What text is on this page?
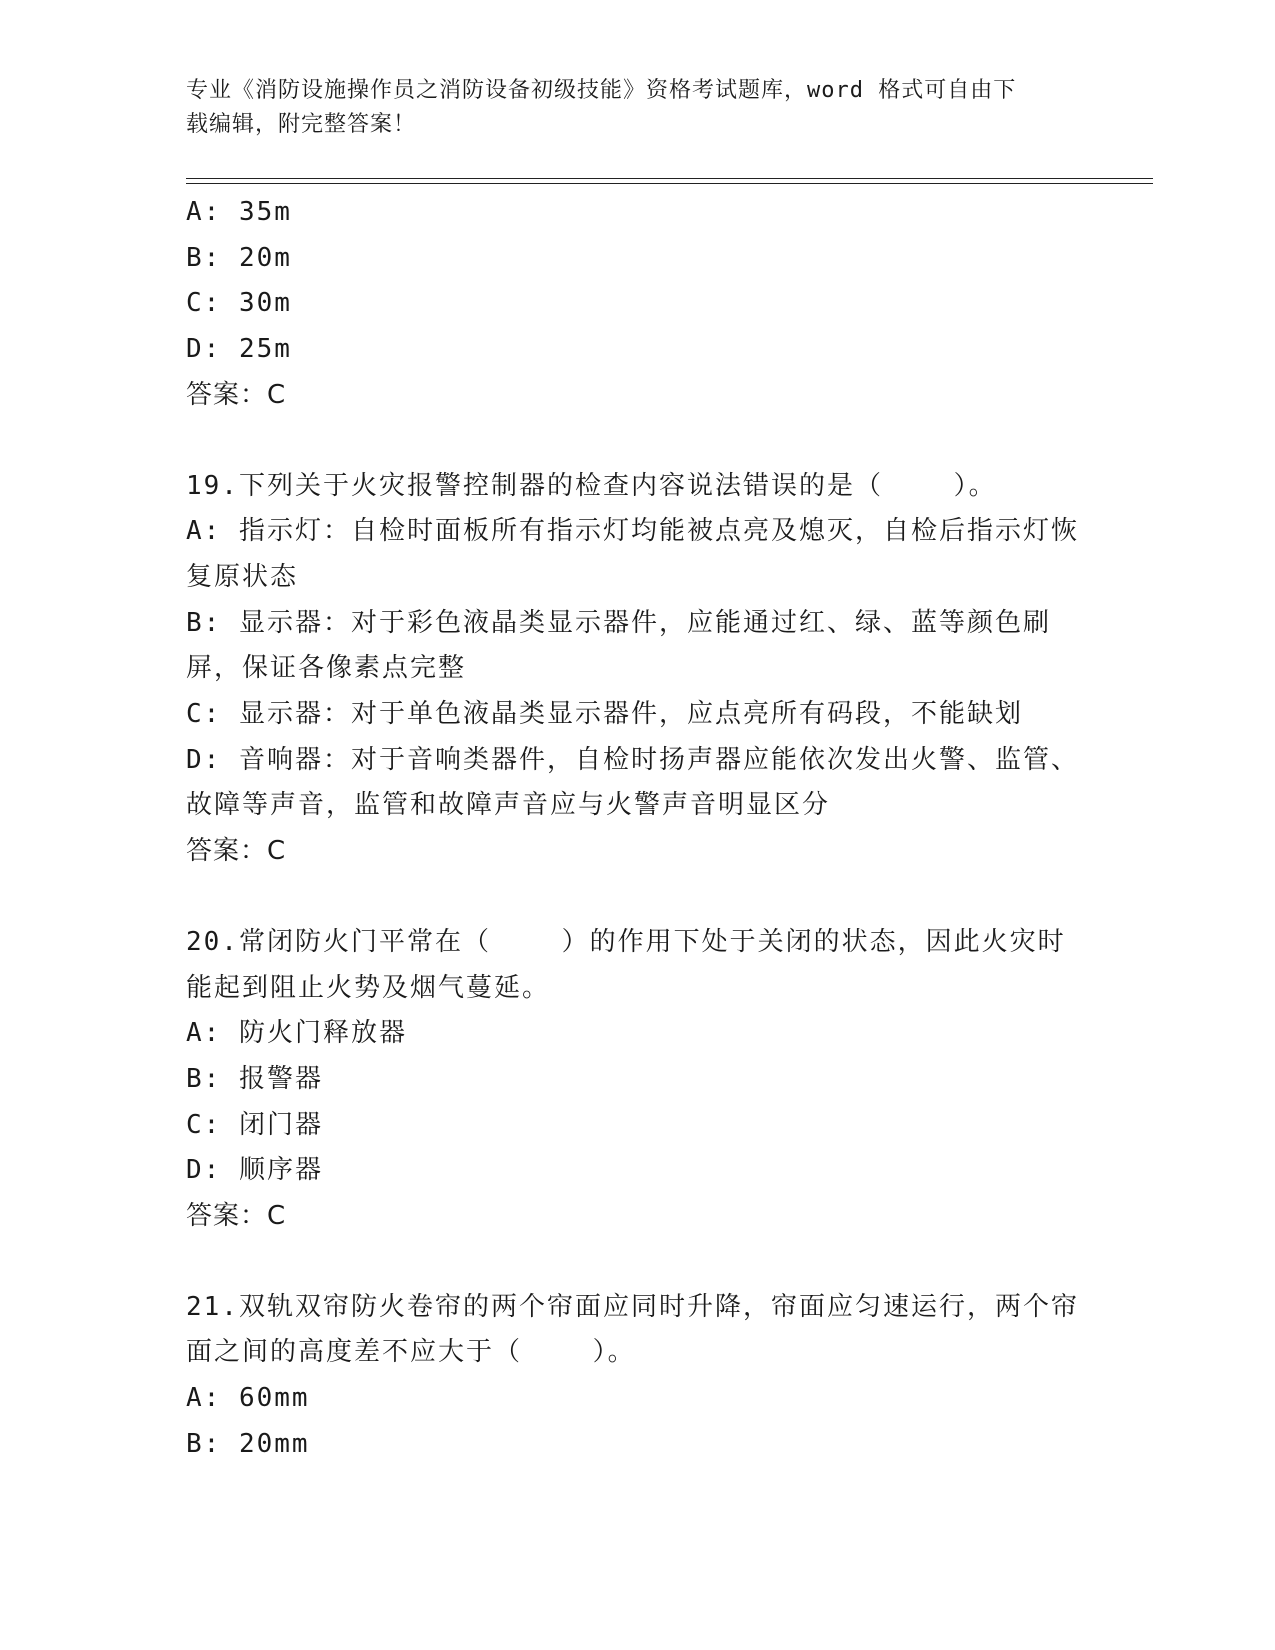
专业《消防设施操作员之消防设备初级技能》资格考试题库，word 格式可自由下
载编辑，附完整答案！
A: 35m
B: 20m
C: 30m
D: 25m
答案：C
19.下列关于火灾报警控制器的检查内容说法错误的是（    ）。
A: 指示灯：自检时面板所有指示灯均能被点亮及熄灭，自检后指示灯恢复原状态
B: 显示器：对于彩色液晶类显示器件，应能通过红、绿、蓝等颜色刷屏，保证各像素点完整
C: 显示器：对于单色液晶类显示器件，应点亮所有码段，不能缺划
D: 音响器：对于音响类器件，自检时扬声器应能依次发出火警、监管、故障等声音，监管和故障声音应与火警声音明显区分
答案：C
20.常闭防火门平常在（    ）的作用下处于关闭的状态，因此火灾时能起到阻止火势及烟气蔓延。
A: 防火门释放器
B: 报警器
C: 闭门器
D: 顺序器
答案：C
21.双轨双帘防火卷帘的两个帘面应同时升降，帘面应匀速运行，两个帘面之间的高度差不应大于（    ）。
A: 60mm
B: 20mm
